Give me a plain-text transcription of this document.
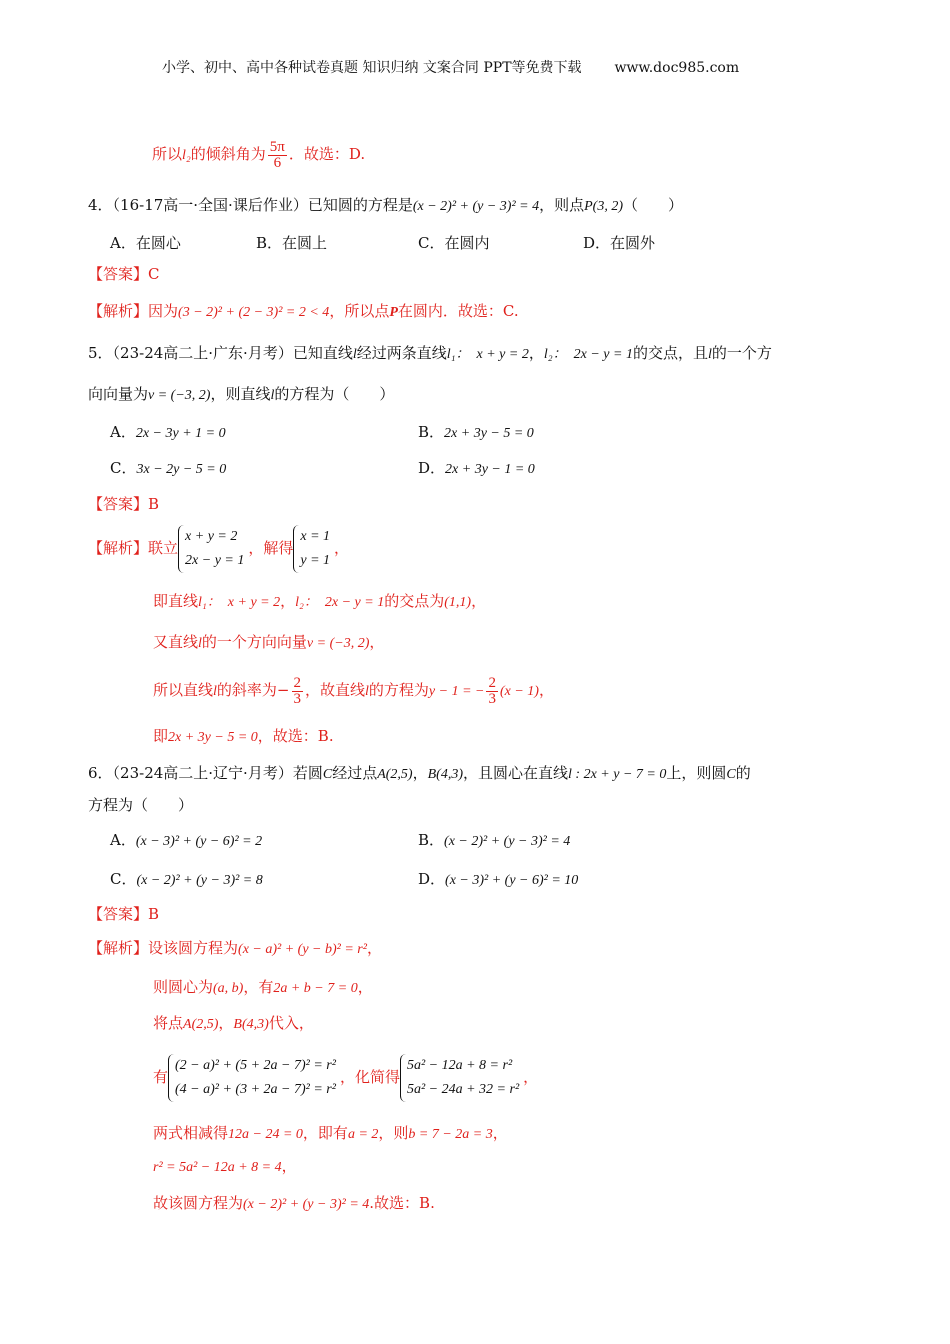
小学、初中、高中各种试卷真题 知识归纳 文案合同 PPT等免费下载 www.doc985.com
所以l₂的倾斜角为 $\frac{5\pi}{6}$ ．故选：D.
4．（16-17高一·全国·课后作业）已知圆的方程是(x − 2)² + (y − 3)² = 4，则点P(3, 2)（　　）
A．在圆心	B．在圆上	C．在圆内	D．在圆外
【答案】C
【解析】因为(3 − 2)² + (2 − 3)² = 2 < 4，所以点P在圆内．故选：C.
5．（23-24高二上·广东·月考）已知直线l经过两条直线l₁：　x + y = 2，l₂：　2x − y = 1的交点，且l的一个方
向向量为v = (−3, 2)，则直线l的方程为（　　）
A．2x − 3y + 1 = 0	B．2x + 3y − 5 = 0
C．3x − 2y − 5 = 0	D．2x + 3y − 1 = 0
【答案】B
【解析】联立
x + y = 2
2x − y = 1
，解得
x = 1
y = 1
，
即直线l₁：　x + y = 2，l₂：　2x − y = 1的交点为(1,1)，
又直线l的一个方向向量v = (−3, 2)，
所以直线l的斜率为− $\frac{2}{3}$ ，故直线l的方程为y − 1 = − $\frac{2}{3} (x - 1)$，
即2x + 3y − 5 = 0，故选：B.
6．（23-24高二上·辽宁·月考）若圆C经过点A(2,5)，B(4,3)，且圆心在直线l : 2x + y − 7 = 0上，则圆C的
方程为（　　）
A．(x − 3)² + (y − 6)² = 2	B．(x − 2)² + (y − 3)² = 4
C．(x − 2)² + (y − 3)² = 8	D．(x − 3)² + (y − 6)² = 10
【答案】B
【解析】设该圆方程为(x − a)² + (y − b)² = r²，
则圆心为(a, b)，有2a + b − 7 = 0，
将点A(2,5)，B(4,3)代入，
有
(2 − a)² + (5 + 2a − 7)² = r²
(4 − a)² + (3 + 2a − 7)² = r²
，化简得
5a² − 12a + 8 = r²
5a² − 24a + 32 = r²
，
两式相减得12a − 24 = 0，即有a = 2，则b = 7 − 2a = 3，
r² = 5a² − 12a + 8 = 4，
故该圆方程为(x − 2)² + (y − 3)² = 4.故选：B.
